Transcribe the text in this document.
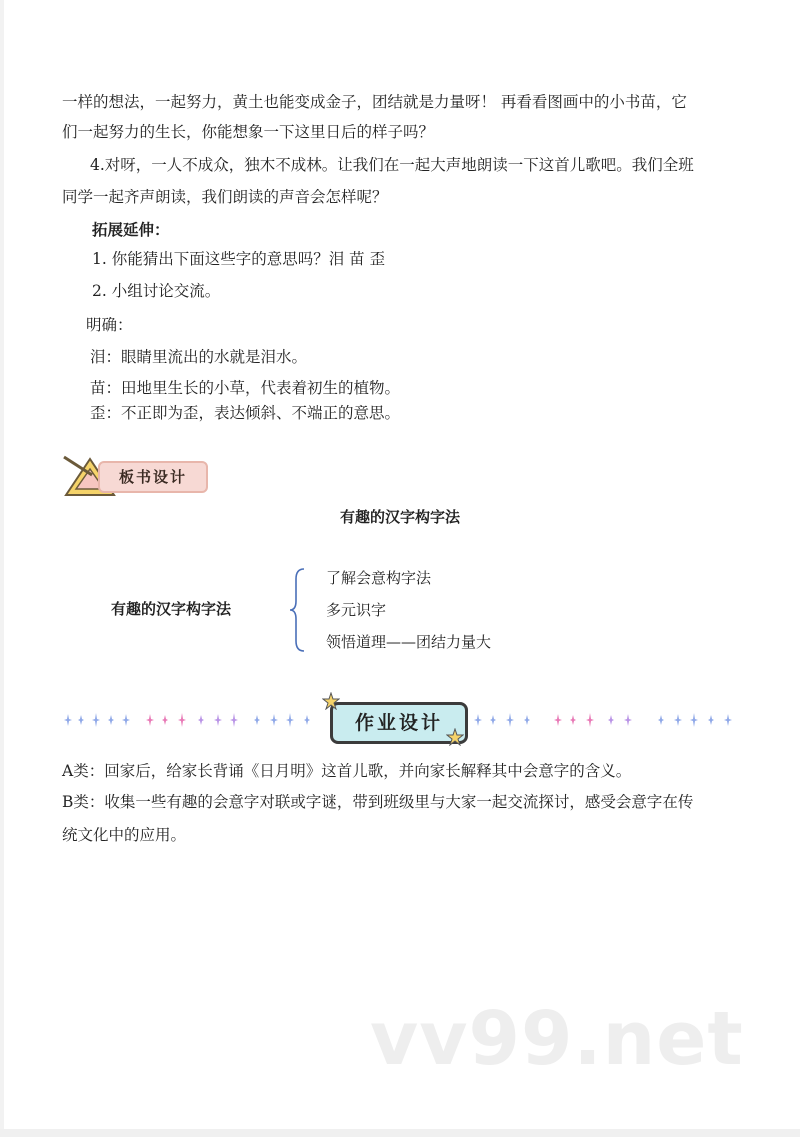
一样的想法，一起努力，黄土也能变成金子，团结就是力量呀！ 再看看图画中的小书苗，它
们一起努力的生长，你能想象一下这里日后的样子吗？
4.对呀，一人不成众，独木不成林。让我们在一起大声地朗读一下这首儿歌吧。我们全班
同学一起齐声朗读，我们朗读的声音会怎样呢？
拓展延伸：
1. 你能猜出下面这些字的意思吗？泪 苗 歪
2. 小组讨论交流。
明确：
泪：眼睛里流出的水就是泪水。
苗：田地里生长的小草，代表着初生的植物。
歪：不正即为歪，表达倾斜、不端正的意思。
板书设计
有趣的汉字构字法
有趣的汉字构字法
了解会意构字法
多元识字
领悟道理——团结力量大
作业设计
A类：回家后，给家长背诵《日月明》这首儿歌，并向家长解释其中会意字的含义。
B类：收集一些有趣的会意字对联或字谜，带到班级里与大家一起交流探讨，感受会意字在传
统文化中的应用。
vv99.net
